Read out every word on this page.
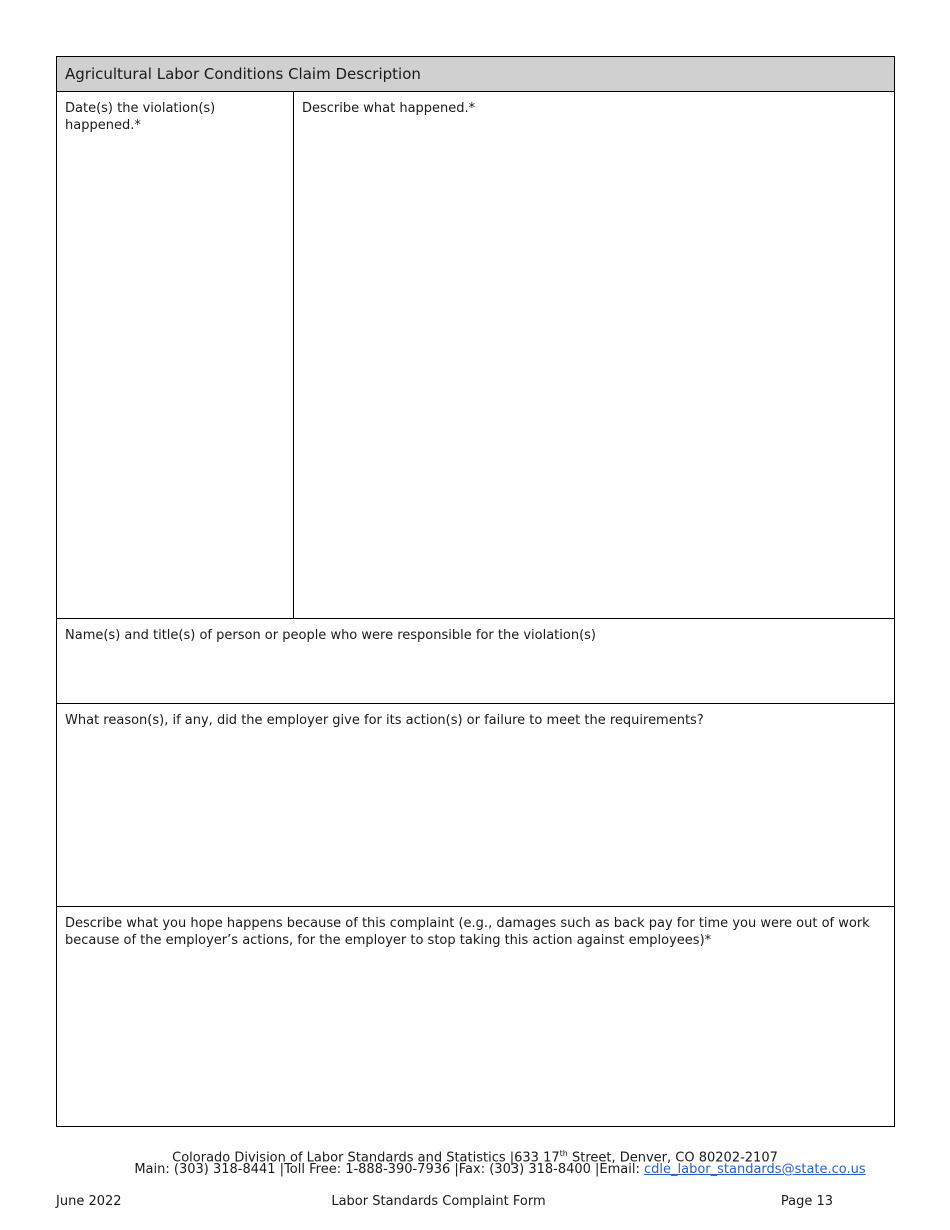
Agricultural Labor Conditions Claim Description
Date(s) the violation(s)
happened.*
Describe what happened.*
Name(s) and title(s) of person or people who were responsible for the violation(s)
What reason(s), if any, did the employer give for its action(s) or failure to meet the requirements?
Describe what you hope happens because of this complaint (e.g., damages such as back pay for time you were out of work
because of the employer’s actions, for the employer to stop taking this action against employees)*
Colorado Division of Labor Standards and Statistics |633 17th Street, Denver, CO 80202-2107
Main: (303) 318-8441 |Toll Free: 1-888-390-7936 |Fax: (303) 318-8400 |Email: cdle_labor_standards@state.co.us
June 2022	Labor Standards Complaint Form	Page 13
